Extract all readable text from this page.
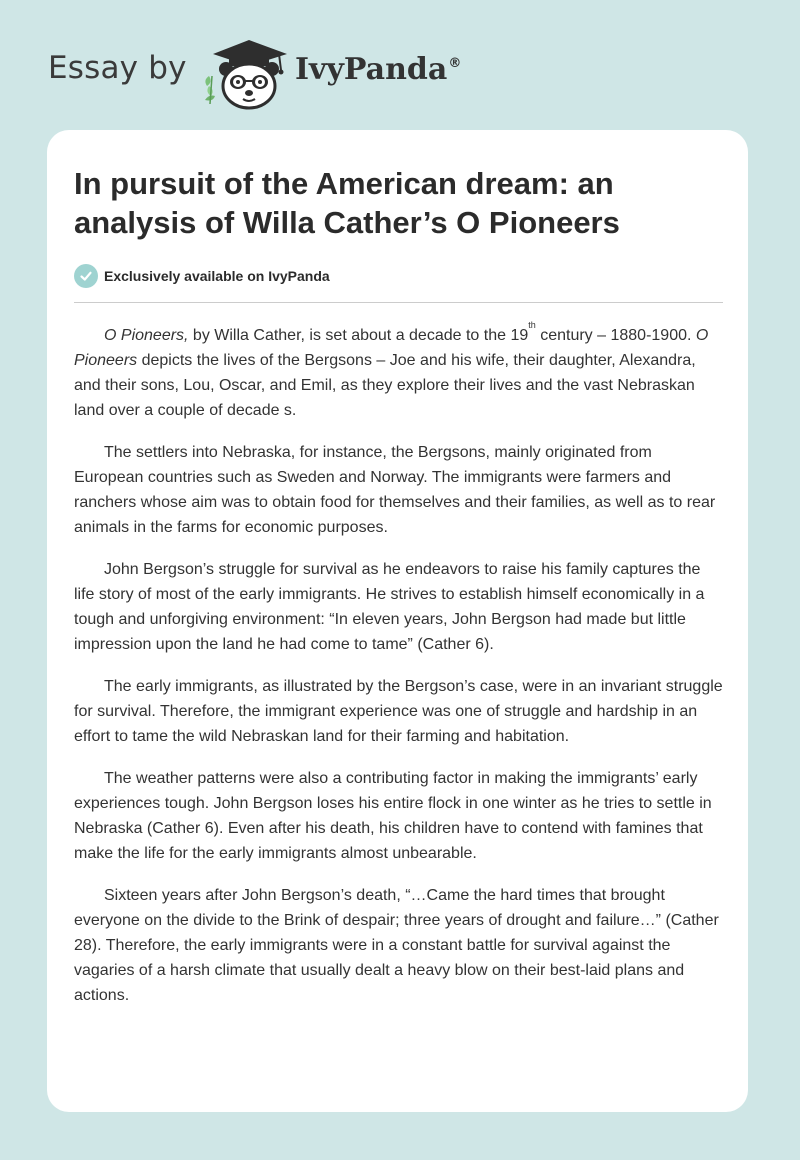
Essay by	IvyPanda®
In pursuit of the American dream: an analysis of Willa Cather’s O Pioneers
Exclusively available on IvyPanda

O Pioneers, by Willa Cather, is set about a decade to the 19th century – 1880-1900. O Pioneers depicts the lives of the Bergsons – Joe and his wife, their daughter, Alexandra, and their sons, Lou, Oscar, and Emil, as they explore their lives and the vast Nebraskan land over a couple of decade s.

The settlers into Nebraska, for instance, the Bergsons, mainly originated from European countries such as Sweden and Norway. The immigrants were farmers and ranchers whose aim was to obtain food for themselves and their families, as well as to rear animals in the farms for economic purposes.

John Bergson’s struggle for survival as he endeavors to raise his family captures the life story of most of the early immigrants. He strives to establish himself economically in a tough and unforgiving environment: “In eleven years, John Bergson had made but little impression upon the land he had come to tame” (Cather 6).

The early immigrants, as illustrated by the Bergson’s case, were in an invariant struggle for survival. Therefore, the immigrant experience was one of struggle and hardship in an effort to tame the wild Nebraskan land for their farming and habitation.

The weather patterns were also a contributing factor in making the immigrants’ early experiences tough. John Bergson loses his entire flock in one winter as he tries to settle in Nebraska (Cather 6). Even after his death, his children have to contend with famines that make the life for the early immigrants almost unbearable.

Sixteen years after John Bergson’s death, “…Came the hard times that brought everyone on the divide to the Brink of despair; three years of drought and failure…” (Cather 28). Therefore, the early immigrants were in a constant battle for survival against the vagaries of a harsh climate that usually dealt a heavy blow on their best-laid plans and actions.
